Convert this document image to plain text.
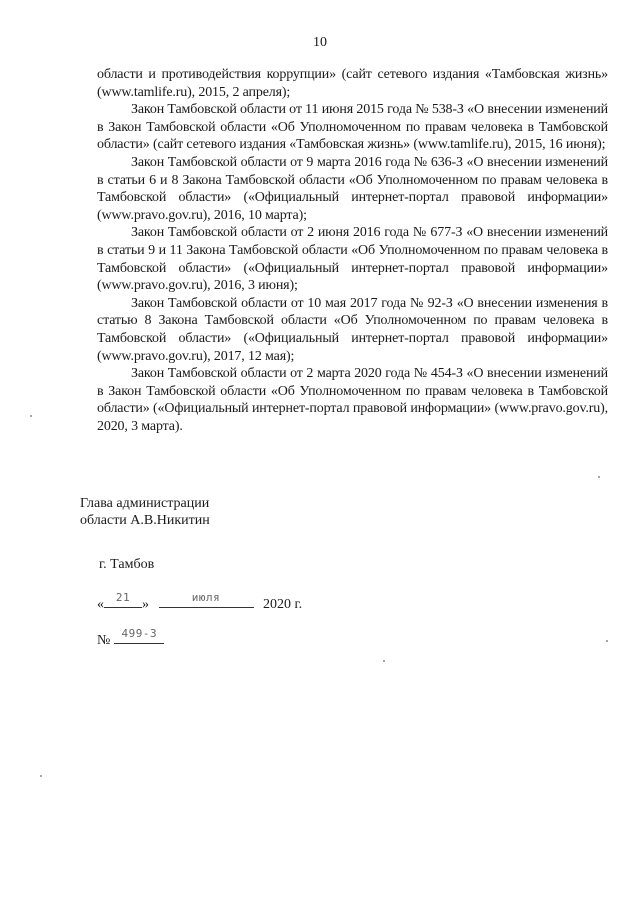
10

области и противодействия коррупции» (сайт сетевого издания «Тамбовская жизнь» (www.tamlife.ru), 2015, 2 апреля);

Закон Тамбовской области от 11 июня 2015 года № 538-З «О внесении изменений в Закон Тамбовской области «Об Уполномоченном по правам человека в Тамбовской области» (сайт сетевого издания «Тамбовская жизнь» (www.tamlife.ru), 2015, 16 июня);

Закон Тамбовской области от 9 марта 2016 года № 636-З «О внесении изменений в статьи 6 и 8 Закона Тамбовской области «Об Уполномоченном по правам человека в Тамбовской области» («Официальный интернет-портал правовой информации» (www.pravo.gov.ru), 2016, 10 марта);

Закон Тамбовской области от 2 июня 2016 года № 677-З «О внесении изменений в статьи 9 и 11 Закона Тамбовской области «Об Уполномоченном по правам человека в Тамбовской области» («Официальный интернет-портал правовой информации» (www.pravo.gov.ru), 2016, 3 июня);

Закон Тамбовской области от 10 мая 2017 года № 92-З «О внесении изменения в статью 8 Закона Тамбовской области «Об Уполномоченном по правам человека в Тамбовской области» («Официальный интернет-портал правовой информации» (www.pravo.gov.ru), 2017, 12 мая);

Закон Тамбовской области от 2 марта 2020 года № 454-З «О внесении изменений в Закон Тамбовской области «Об Уполномоченном по правам человека в Тамбовской области» («Официальный интернет-портал правовой информации» (www.pravo.gov.ru), 2020, 3 марта).

Глава администрации
области А.В.Никитин
г. Тамбов
«	21 »	июля	2020 г.
№	499-З
